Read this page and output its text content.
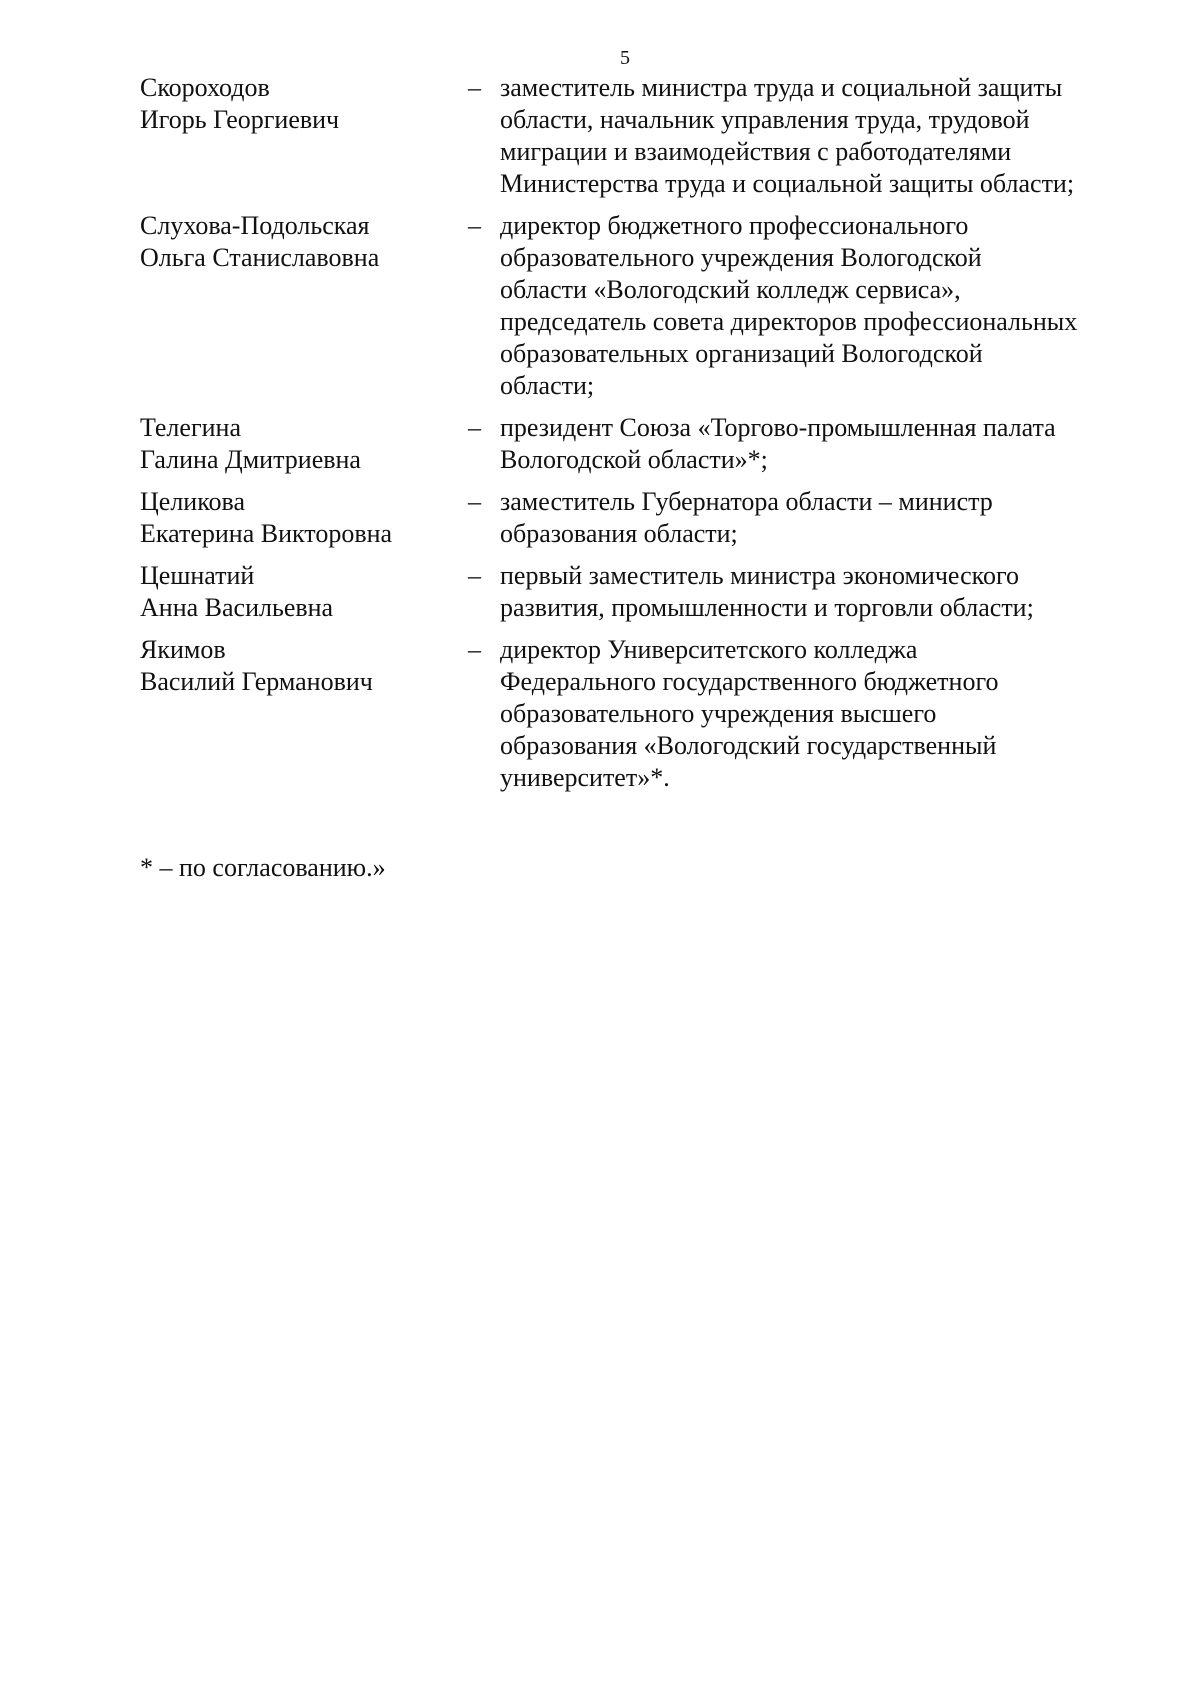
5
Скороходов
Игорь Георгиевич
– заместитель министра труда и социальной защиты
области, начальник управления труда, трудовой
миграции и взаимодействия с работодателями
Министерства труда и социальной защиты области;
Слухова-Подольская
Ольга Станиславовна
– директор бюджетного профессионального
образовательного учреждения Вологодской
области «Вологодский колледж сервиса»,
председатель совета директоров профессиональных
образовательных организаций Вологодской
области;
Телегина
Галина Дмитриевна
– президент Союза «Торгово-промышленная палата
Вологодской области»*;
Целикова
Екатерина Викторовна
– заместитель Губернатора области – министр
образования области;
Цешнатий
Анна Васильевна
– первый заместитель министра экономического
развития, промышленности и торговли области;
Якимов
Василий Германович
– директор Университетского колледжа
Федерального государственного бюджетного
образовательного учреждения высшего
образования «Вологодский государственный
университет»*.
* – по согласованию.»
